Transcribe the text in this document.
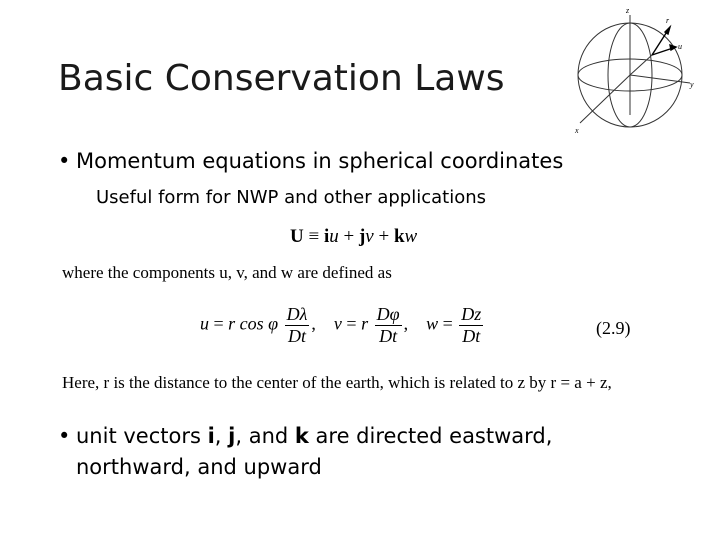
z
r
u
y
x
Basic Conservation Laws
• Momentum equations in spherical coordinates
Useful form for NWP and other applications
U ≡ iu + jv + kw
where the components u, v, and w are defined as
u = r cos φ $\frac{D\lambda}{Dt}$ , v = r $\frac{D\varphi}{Dt}$ , $w = \frac{Dz}{Dt}$	(2.9)
Here, r is the distance to the center of the earth, which is related to z by r = a + z,
• unit vectors i, j, and k are directed eastward,
northward, and upward
